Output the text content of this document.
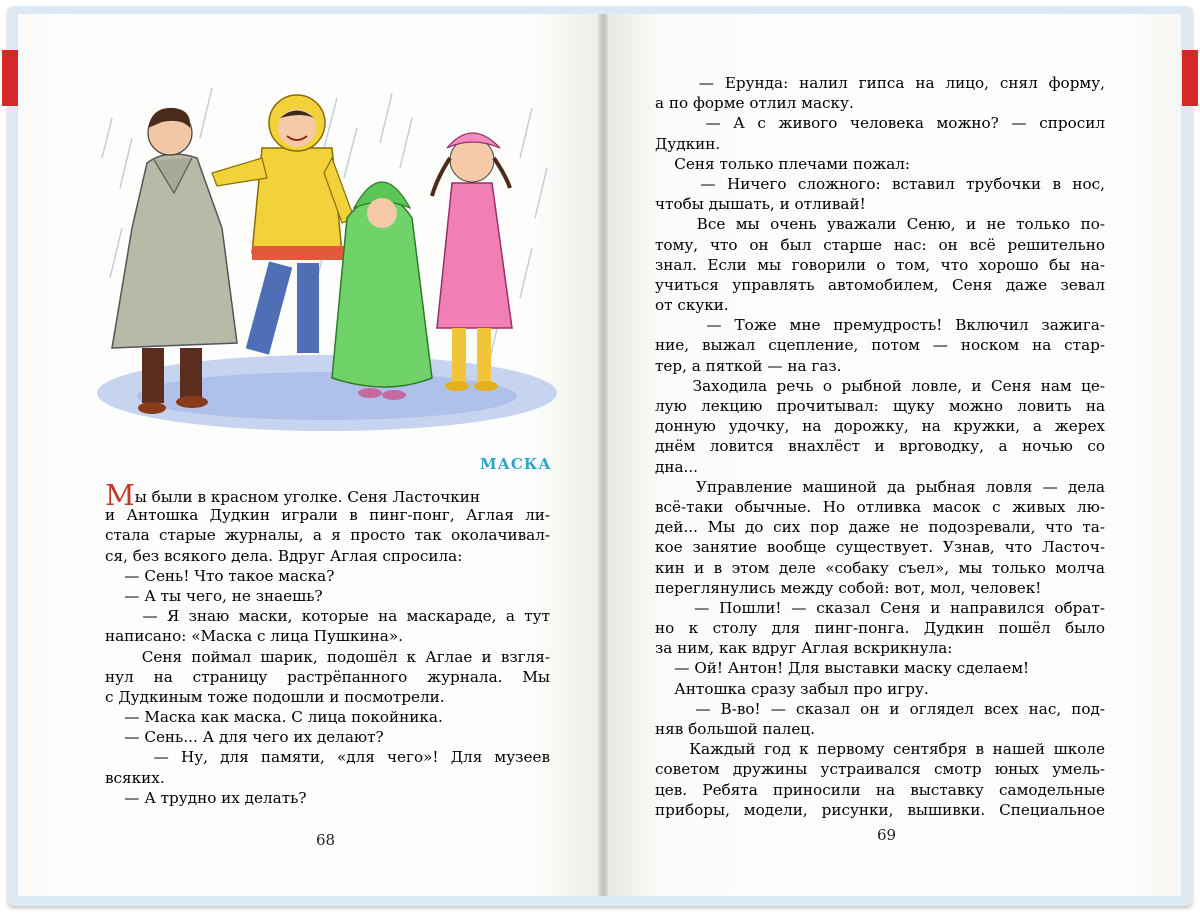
МАСКА
Мы были в красном уголке. Сеня Ласточкин
и Антошка Дудкин играли в пинг-понг, Аглая ли-
стала старые журналы, а я просто так околачивал-
ся, без всякого дела. Вдруг Аглая спросила:
— Сень! Что такое маска?
— А ты чего, не знаешь?
— Я знаю маски, которые на маскараде, а тут
написано: «Маска с лица Пушкина».
Сеня поймал шарик, подошёл к Аглае и взгля-
нул на страницу растрёпанного журнала. Мы
с Дудкиным тоже подошли и посмотрели.
— Маска как маска. С лица покойника.
— Сень... А для чего их делают?
— Ну, для памяти, «для чего»! Для музеев
всяких.
— А трудно их делать?
68
— Ерунда: налил гипса на лицо, снял форму,
а по форме отлил маску.
— А с живого человека можно? — спросил
Дудкин.
Сеня только плечами пожал:
— Ничего сложного: вставил трубочки в нос,
чтобы дышать, и отливай!
Все мы очень уважали Сеню, и не только по-
тому, что он был старше нас: он всё решительно
знал. Если мы говорили о том, что хорошо бы на-
учиться управлять автомобилем, Сеня даже зевал
от скуки.
— Тоже мне премудрость! Включил зажига-
ние, выжал сцепление, потом — носком на стар-
тер, а пяткой — на газ.
Заходила речь о рыбной ловле, и Сеня нам це-
лую лекцию прочитывал: щуку можно ловить на
донную удочку, на дорожку, на кружки, а жерех
днём ловится внахлёст и вproводку, а ночью со
дна...
Управление машиной да рыбная ловля — дела
всё-таки обычные. Но отливка масок с живых лю-
дей... Мы до сих пор даже не подозревали, что та-
кое занятие вообще существует. Узнав, что Ласточ-
кин и в этом деле «собаку съел», мы только молча
переглянулись между собой: вот, мол, человек!
— Пошли! — сказал Сеня и направился обрат-
но к столу для пинг-понга. Дудкин пошёл было
за ним, как вдруг Аглая вскрикнула:
— Ой! Антон! Для выставки маску сделаем!
Антошка сразу забыл про игру.
— В-во! — сказал он и оглядел всех нас, под-
няв большой палец.
Каждый год к первому сентября в нашей школе
советом дружины устраивался смотр юных умель-
цев. Ребята приносили на выставку самодельные
приборы, модели, рисунки, вышивки. Специальное
69
